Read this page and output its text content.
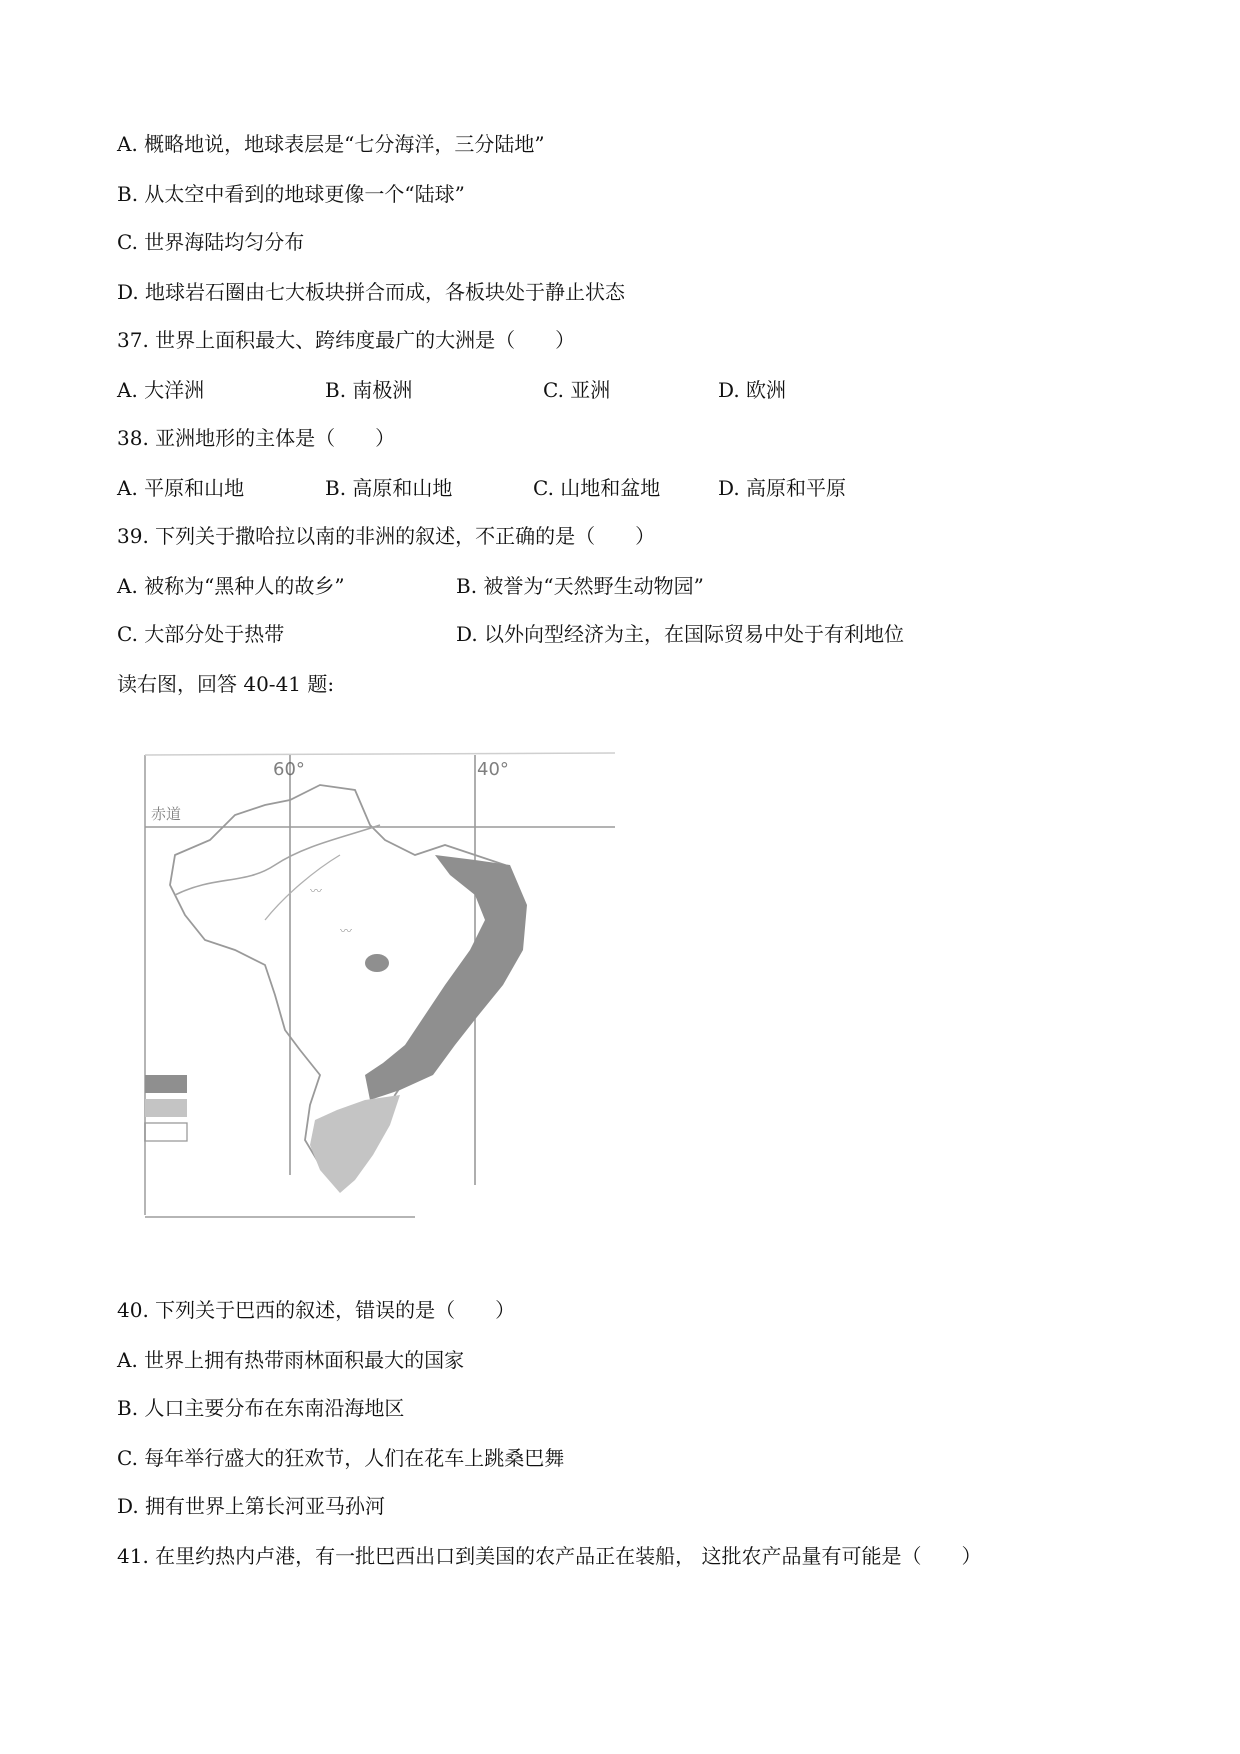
A. 概略地说，地球表层是“七分海洋，三分陆地”
B. 从太空中看到的地球更像一个“陆球”
C. 世界海陆均匀分布
D. 地球岩石圈由七大板块拼合而成，各板块处于静止状态
37. 世界上面积最大、跨纬度最广的大洲是（　　）
A. 大洋洲	B. 南极洲	C. 亚洲	D. 欧洲
38. 亚洲地形的主体是（　　）
A. 平原和山地	B. 高原和山地	C. 山地和盆地	D. 高原和平原
39. 下列关于撒哈拉以南的非洲的叙述，不正确的是（　　）
A. 被称为“黑种人的故乡”	B. 被誉为“天然野生动物园”
C. 大部分处于热带	D. 以外向型经济为主，在国际贸易中处于有利地位
读右图，回答 40-41 题:
赤道
60°	40°
〰
〰
40. 下列关于巴西的叙述，错误的是（　　）
A. 世界上拥有热带雨林面积最大的国家
B. 人口主要分布在东南沿海地区
C. 每年举行盛大的狂欢节，人们在花车上跳桑巴舞
D. 拥有世界上第长河亚马孙河
41. 在里约热内卢港，有一批巴西出口到美国的农产品正在装船， 这批农产品量有可能是（　　）
